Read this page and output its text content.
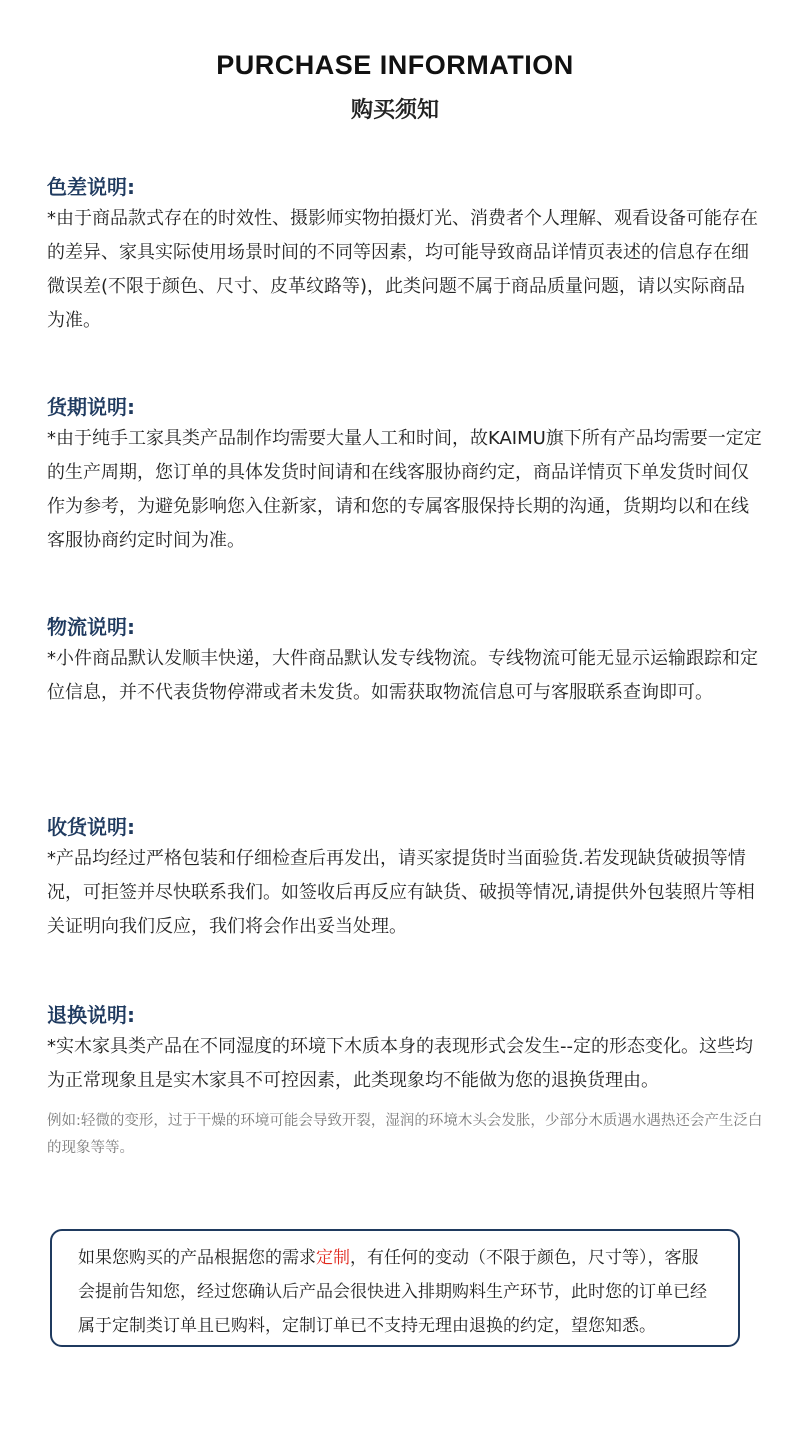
PURCHASE INFORMATION
购买须知
色差说明:

*由于商品款式存在的时效性、摄影师实物拍摄灯光、消费者个人理解、观看设备可能存在的差异、家具实际使用场景时间的不同等因素，均可能导致商品详情页表述的信息存在细微误差(不限于颜色、尺寸、皮革纹路等)，此类问题不属于商品质量问题，请以实际商品为准。

货期说明:

*由于纯手工家具类产品制作均需要大量人工和时间，故KAIMU旗下所有产品均需要一定定的生产周期，您订单的具体发货时间请和在线客服协商约定，商品详情页下单发货时间仅作为参考，为避免影响您入住新家，请和您的专属客服保持长期的沟通，货期均以和在线客服协商约定时间为准。

物流说明:

*小件商品默认发顺丰快递，大件商品默认发专线物流。专线物流可能无显示运输跟踪和定位信息，并不代表货物停滞或者未发货。如需获取物流信息可与客服联系查询即可。

收货说明:

*产品均经过严格包装和仔细检查后再发出，请买家提货时当面验货.若发现缺货破损等情况，可拒签并尽快联系我们。如签收后再反应有缺货、破损等情况,请提供外包装照片等相关证明向我们反应，我们将会作出妥当处理。

退换说明:

*实木家具类产品在不同湿度的环境下木质本身的表现形式会发生--定的形态变化。这些均为正常现象且是实木家具不可控因素，此类现象均不能做为您的退换货理由。

例如:轻微的变形，过于干燥的环境可能会导致开裂，湿润的环境木头会发胀，少部分木质遇水遇热还会产生泛白的现象等等。

如果您购买的产品根据您的需求定制，有任何的变动（不限于颜色，尺寸等），客服会提前告知您，经过您确认后产品会很快进入排期购料生产环节，此时您的订单已经属于定制类订单且已购料，定制订单已不支持无理由退换的约定，望您知悉。
